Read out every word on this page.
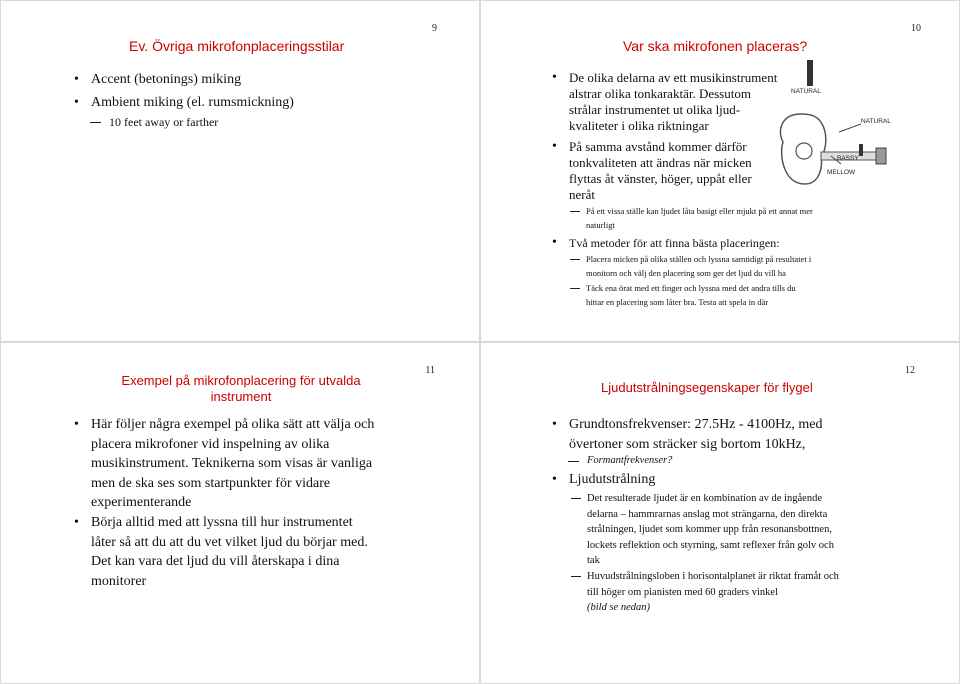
9
Ev. Övriga mikrofonplaceringsstilar
• Accent (betonings) miking
• Ambient miking (el. rumsmickning)
10 feet away or farther
10
Var ska mikrofonen placeras?
• De olika delarna av ett musikinstrument
alstrar olika tonkaraktär. Dessutom
strålar instrumentet ut olika ljud-
kvaliteter i olika riktningar
• På samma avstånd kommer därför
tonkvaliteten att ändras när micken
flyttas åt vänster, höger, uppåt eller
neråt
På ett vissa ställe kan ljudet låta basigt eller mjukt på ett annat mer
naturligt
• Två metoder för att finna bästa placeringen:
Placera micken på olika ställen och lyssna samtidigt på resultatet i
monitorn och välj den placering som ger det ljud du vill ha
Täck ena örat med ett finger och lyssna med det andra tills du
hittar en placering som låter bra. Testa att spela in där
NATURAL
NATURAL
BASSY
MELLOW
11
Exempel på mikrofonplacering för utvalda
instrument
• Här följer några exempel på olika sätt att välja och
placera mikrofoner vid inspelning av olika
musikinstrument. Teknikerna som visas är vanliga
men de ska ses som startpunkter för vidare
experimenterande
• Börja alltid med att lyssna till hur instrumentet
låter så att du att du vet vilket ljud du börjar med.
Det kan vara det ljud du vill återskapa i dina
monitorer
12
Ljudutstrålningsegenskaper för flygel
• Grundtonsfrekvenser: 27.5Hz - 4100Hz, med
övertoner som sträcker sig bortom 10kHz,
Formantfrekvenser?
• Ljudutstrålning
Det resulterade ljudet är en kombination av de ingående
delarna – hammrarnas anslag mot strängarna, den direkta
strålningen, ljudet som kommer upp från resonansbottnen,
lockets reflektion och styrning, samt reflexer från golv och
tak
Huvudstrålningsloben i horisontalplanet är riktat framåt och
till höger om pianisten med 60 graders vinkel
(bild se nedan)
